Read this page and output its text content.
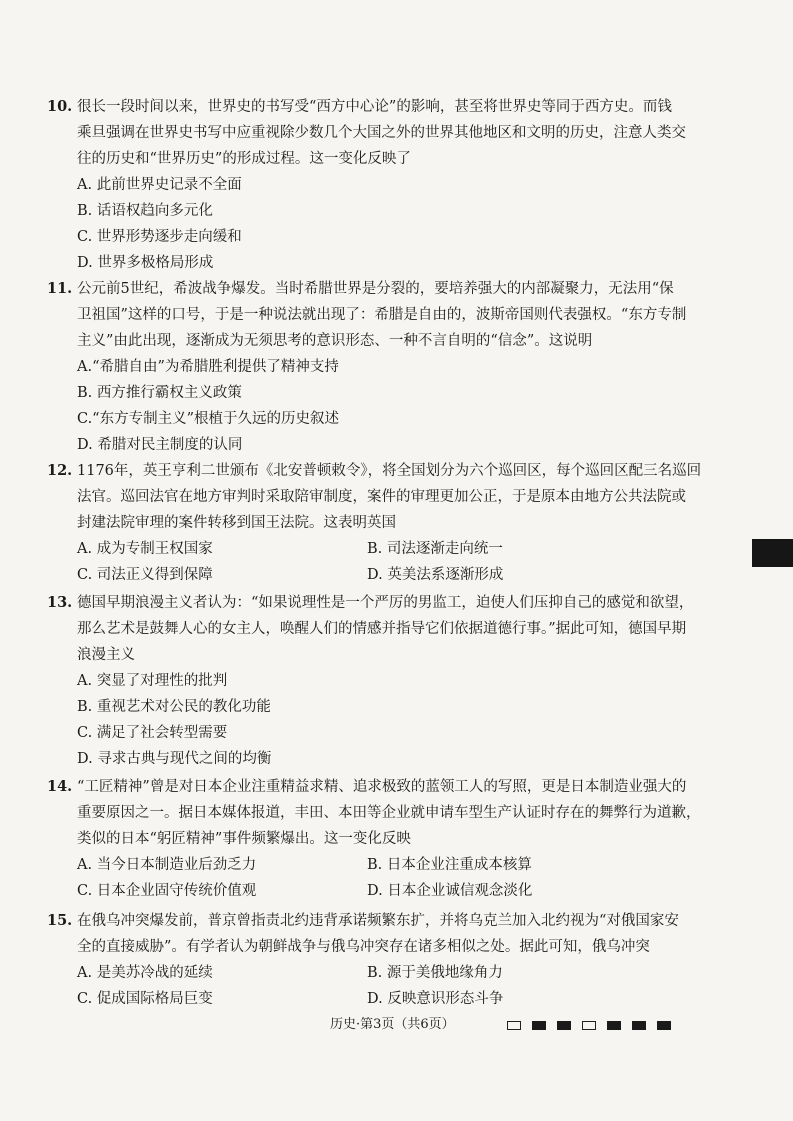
10. 很长一段时间以来，世界史的书写受“西方中心论”的影响，甚至将世界史等同于西方史。而钱
乘旦强调在世界史书写中应重视除少数几个大国之外的世界其他地区和文明的历史，注意人类交
往的历史和“世界历史”的形成过程。这一变化反映了
A. 此前世界史记录不全面
B. 话语权趋向多元化
C. 世界形势逐步走向缓和
D. 世界多极格局形成
11. 公元前5世纪，希波战争爆发。当时希腊世界是分裂的，要培养强大的内部凝聚力，无法用“保
卫祖国”这样的口号，于是一种说法就出现了：希腊是自由的，波斯帝国则代表强权。“东方专制
主义”由此出现，逐渐成为无须思考的意识形态、一种不言自明的“信念”。这说明
A.“希腊自由”为希腊胜利提供了精神支持
B. 西方推行霸权主义政策
C.“东方专制主义”根植于久远的历史叙述
D. 希腊对民主制度的认同
12. 1176年，英王亨利二世颁布《北安普顿敕令》，将全国划分为六个巡回区，每个巡回区配三名巡回
法官。巡回法官在地方审判时采取陪审制度，案件的审理更加公正，于是原本由地方公共法院或
封建法院审理的案件转移到国王法院。这表明英国
A. 成为专制王权国家	B. 司法逐渐走向统一
C. 司法正义得到保障	D. 英美法系逐渐形成
13. 德国早期浪漫主义者认为：“如果说理性是一个严厉的男监工，迫使人们压抑自己的感觉和欲望，
那么艺术是鼓舞人心的女主人，唤醒人们的情感并指导它们依据道德行事。”据此可知，德国早期
浪漫主义
A. 突显了对理性的批判
B. 重视艺术对公民的教化功能
C. 满足了社会转型需要
D. 寻求古典与现代之间的均衡
14. “工匠精神”曾是对日本企业注重精益求精、追求极致的蓝领工人的写照，更是日本制造业强大的
重要原因之一。据日本媒体报道，丰田、本田等企业就申请车型生产认证时存在的舞弊行为道歉，
类似的日本“躬匠精神”事件频繁爆出。这一变化反映
A. 当今日本制造业后劲乏力	B. 日本企业注重成本核算
C. 日本企业固守传统价值观	D. 日本企业诚信观念淡化
15. 在俄乌冲突爆发前，普京曾指责北约违背承诺频繁东扩，并将乌克兰加入北约视为“对俄国家安
全的直接威胁”。有学者认为朝鲜战争与俄乌冲突存在诸多相似之处。据此可知，俄乌冲突
A. 是美苏冷战的延续	B. 源于美俄地缘角力
C. 促成国际格局巨变	D. 反映意识形态斗争
历史·第3页（共6页）
